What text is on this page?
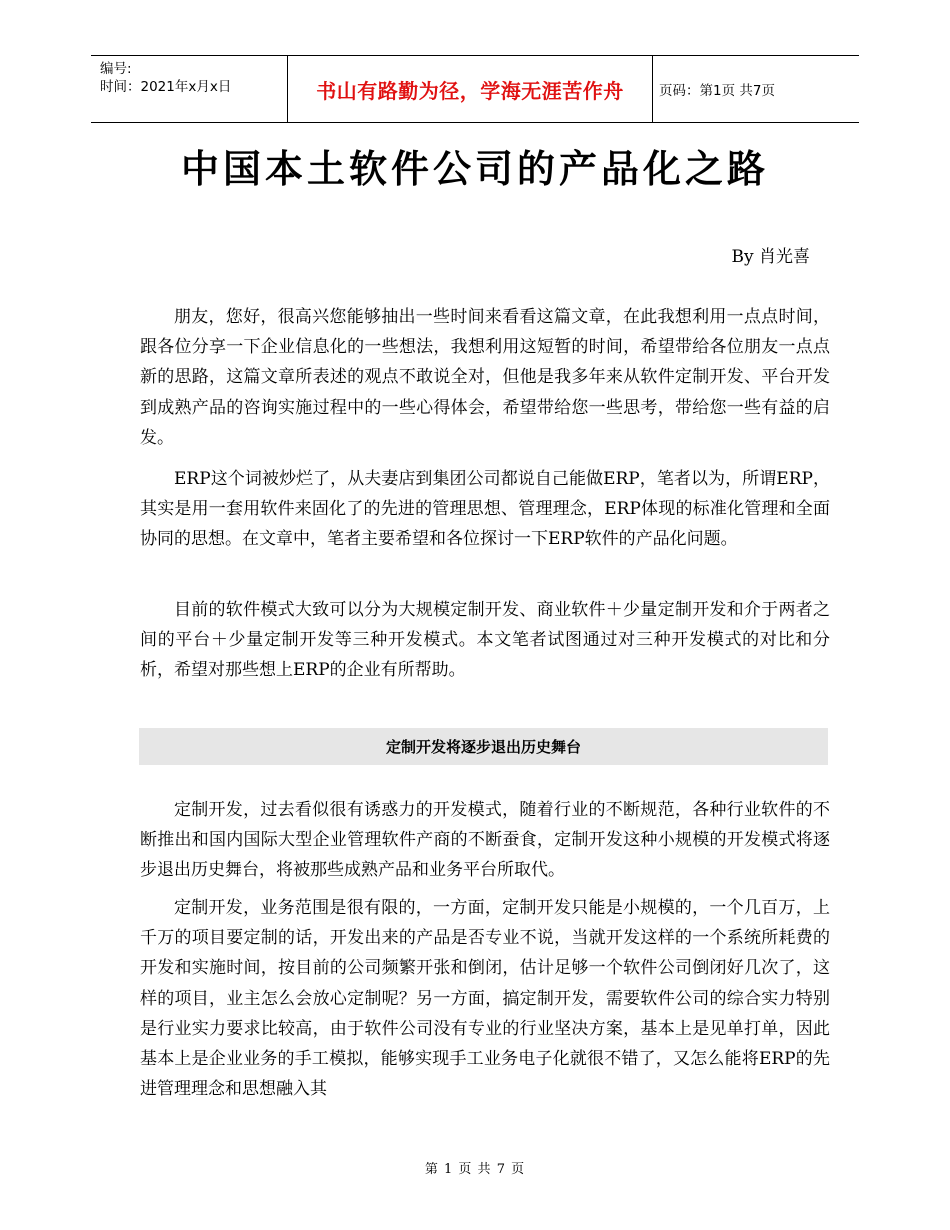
编号:
时间：2021年x月x日	书山有路勤为径，学海无涯苦作舟	页码：第1页 共7页
中国本土软件公司的产品化之路
By 肖光喜

朋友，您好，很高兴您能够抽出一些时间来看看这篇文章，在此我想利用一点点时间，跟各位分享一下企业信息化的一些想法，我想利用这短暂的时间，希望带给各位朋友一点点新的思路，这篇文章所表述的观点不敢说全对，但他是我多年来从软件定制开发、平台开发到成熟产品的咨询实施过程中的一些心得体会，希望带给您一些思考，带给您一些有益的启发。

ERP这个词被炒烂了，从夫妻店到集团公司都说自己能做ERP，笔者以为，所谓ERP，其实是用一套用软件来固化了的先进的管理思想、管理理念，ERP体现的标准化管理和全面协同的思想。在文章中，笔者主要希望和各位探讨一下ERP软件的产品化问题。

目前的软件模式大致可以分为大规模定制开发、商业软件＋少量定制开发和介于两者之间的平台＋少量定制开发等三种开发模式。本文笔者试图通过对三种开发模式的对比和分析，希望对那些想上ERP的企业有所帮助。

定制开发将逐步退出历史舞台

定制开发，过去看似很有诱惑力的开发模式，随着行业的不断规范，各种行业软件的不断推出和国内国际大型企业管理软件产商的不断蚕食，定制开发这种小规模的开发模式将逐步退出历史舞台，将被那些成熟产品和业务平台所取代。

定制开发，业务范围是很有限的，一方面，定制开发只能是小规模的，一个几百万，上千万的项目要定制的话，开发出来的产品是否专业不说，当就开发这样的一个系统所耗费的开发和实施时间，按目前的公司频繁开张和倒闭，估计足够一个软件公司倒闭好几次了，这样的项目，业主怎么会放心定制呢？另一方面，搞定制开发，需要软件公司的综合实力特别是行业实力要求比较高，由于软件公司没有专业的行业坚决方案，基本上是见单打单，因此基本上是企业业务的手工模拟，能够实现手工业务电子化就很不错了，又怎么能将ERP的先进管理理念和思想融入其

第 1 页 共 7 页
